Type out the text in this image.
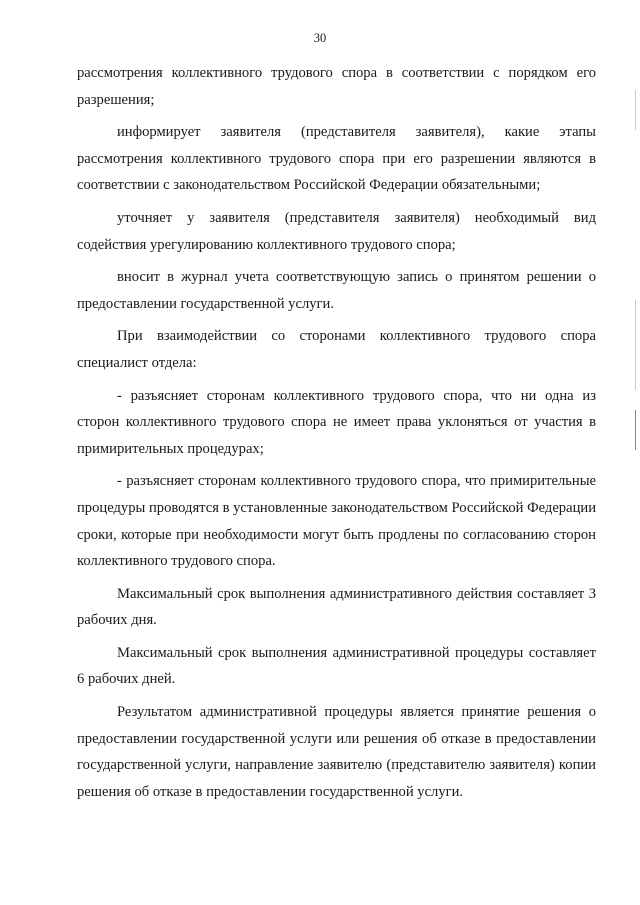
30

рассмотрения коллективного трудового спора в соответствии с порядком его разрешения;

информирует заявителя (представителя заявителя), какие этапы рассмотрения коллективного трудового спора при его разрешении являются в соответствии с законодательством Российской Федерации обязательными;

уточняет у заявителя (представителя заявителя) необходимый вид содействия урегулированию коллективного трудового спора;

вносит в журнал учета соответствующую запись о принятом решении о предоставлении государственной услуги.

При взаимодействии со сторонами коллективного трудового спора специалист отдела:

- разъясняет сторонам коллективного трудового спора, что ни одна из сторон коллективного трудового спора не имеет права уклоняться от участия в примирительных процедурах;

- разъясняет сторонам коллективного трудового спора, что примирительные процедуры проводятся в установленные законодательством Российской Федерации сроки, которые при необходимости могут быть продлены по согласованию сторон коллективного трудового спора.

Максимальный срок выполнения административного действия составляет 3 рабочих дня.

Максимальный срок выполнения административной процедуры составляет 6 рабочих дней.

Результатом административной процедуры является принятие решения о предоставлении государственной услуги или решения об отказе в предоставлении государственной услуги, направление заявителю (представителю заявителя) копии решения об отказе в предоставлении государственной услуги.
